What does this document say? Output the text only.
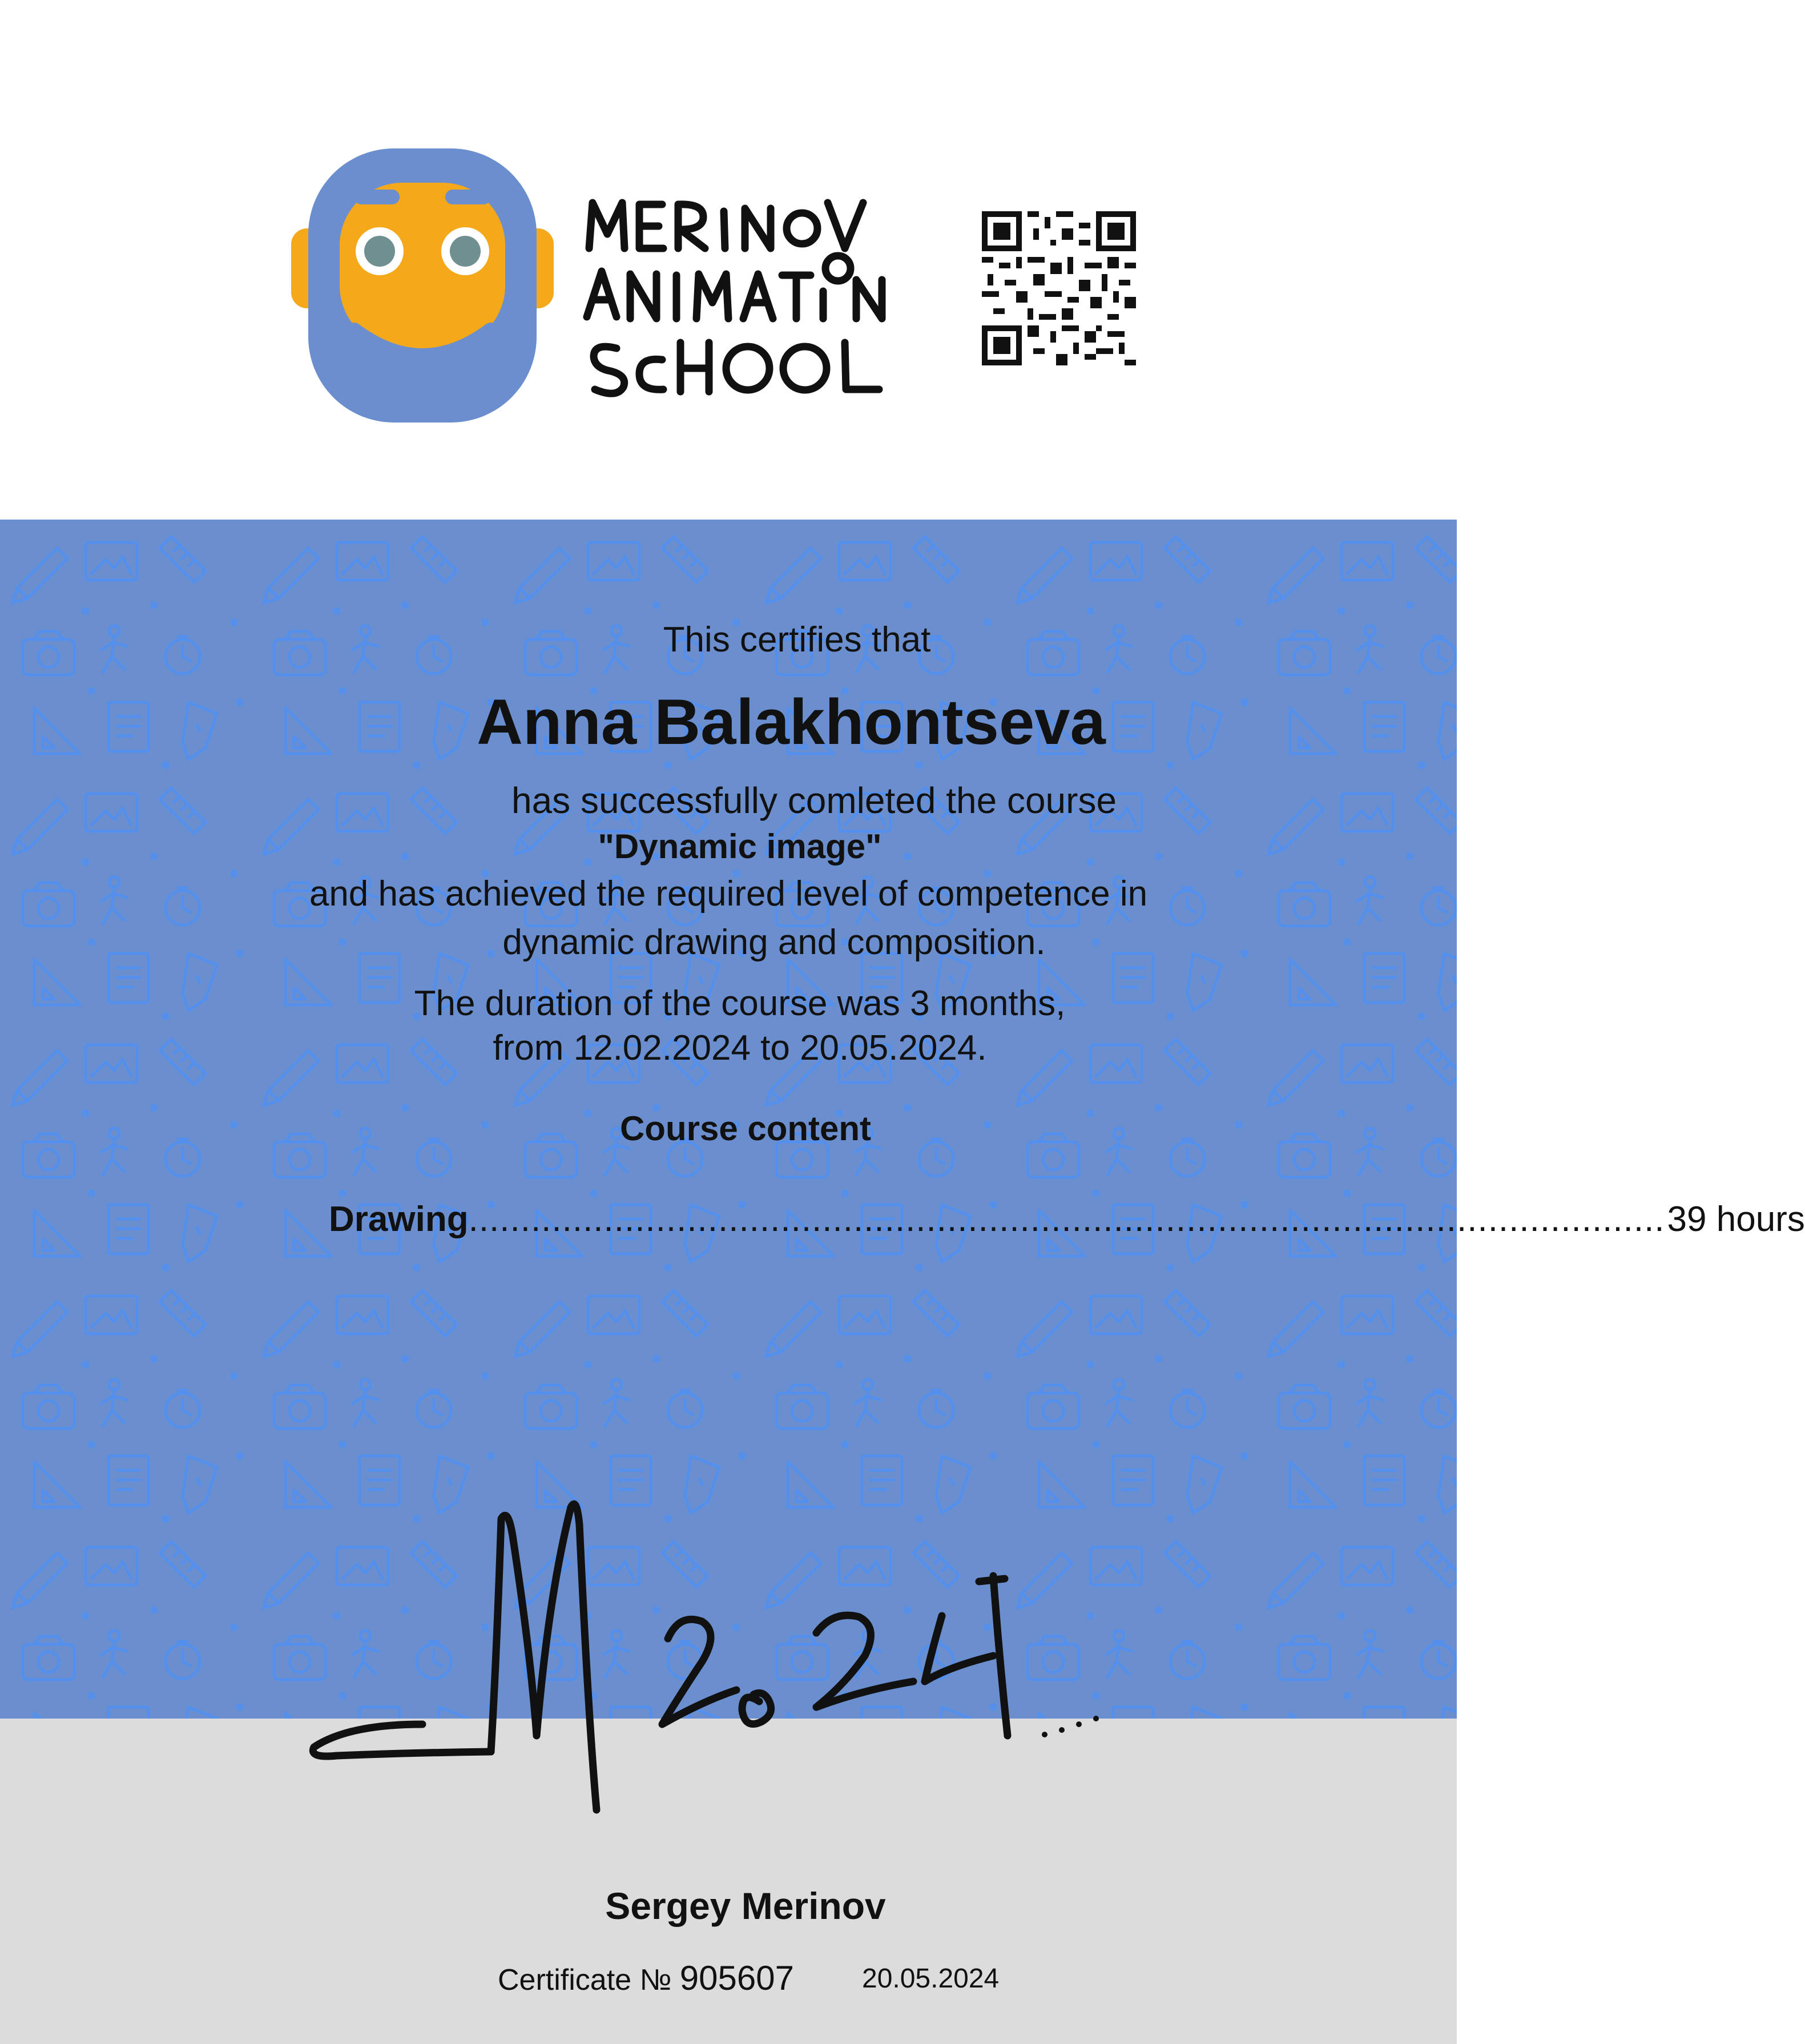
This certifies that
Anna Balakhontseva
has successfully comleted the course
"Dynamic image"
and has achieved the required level of competence in
dynamic drawing and composition.
The duration of the course was 3 months,
from 12.02.2024 to 20.05.2024.
Course content
Drawing ................................................................................................................... 39 hours
Sergey Merinov
Certificate № 905607 20.05.2024
